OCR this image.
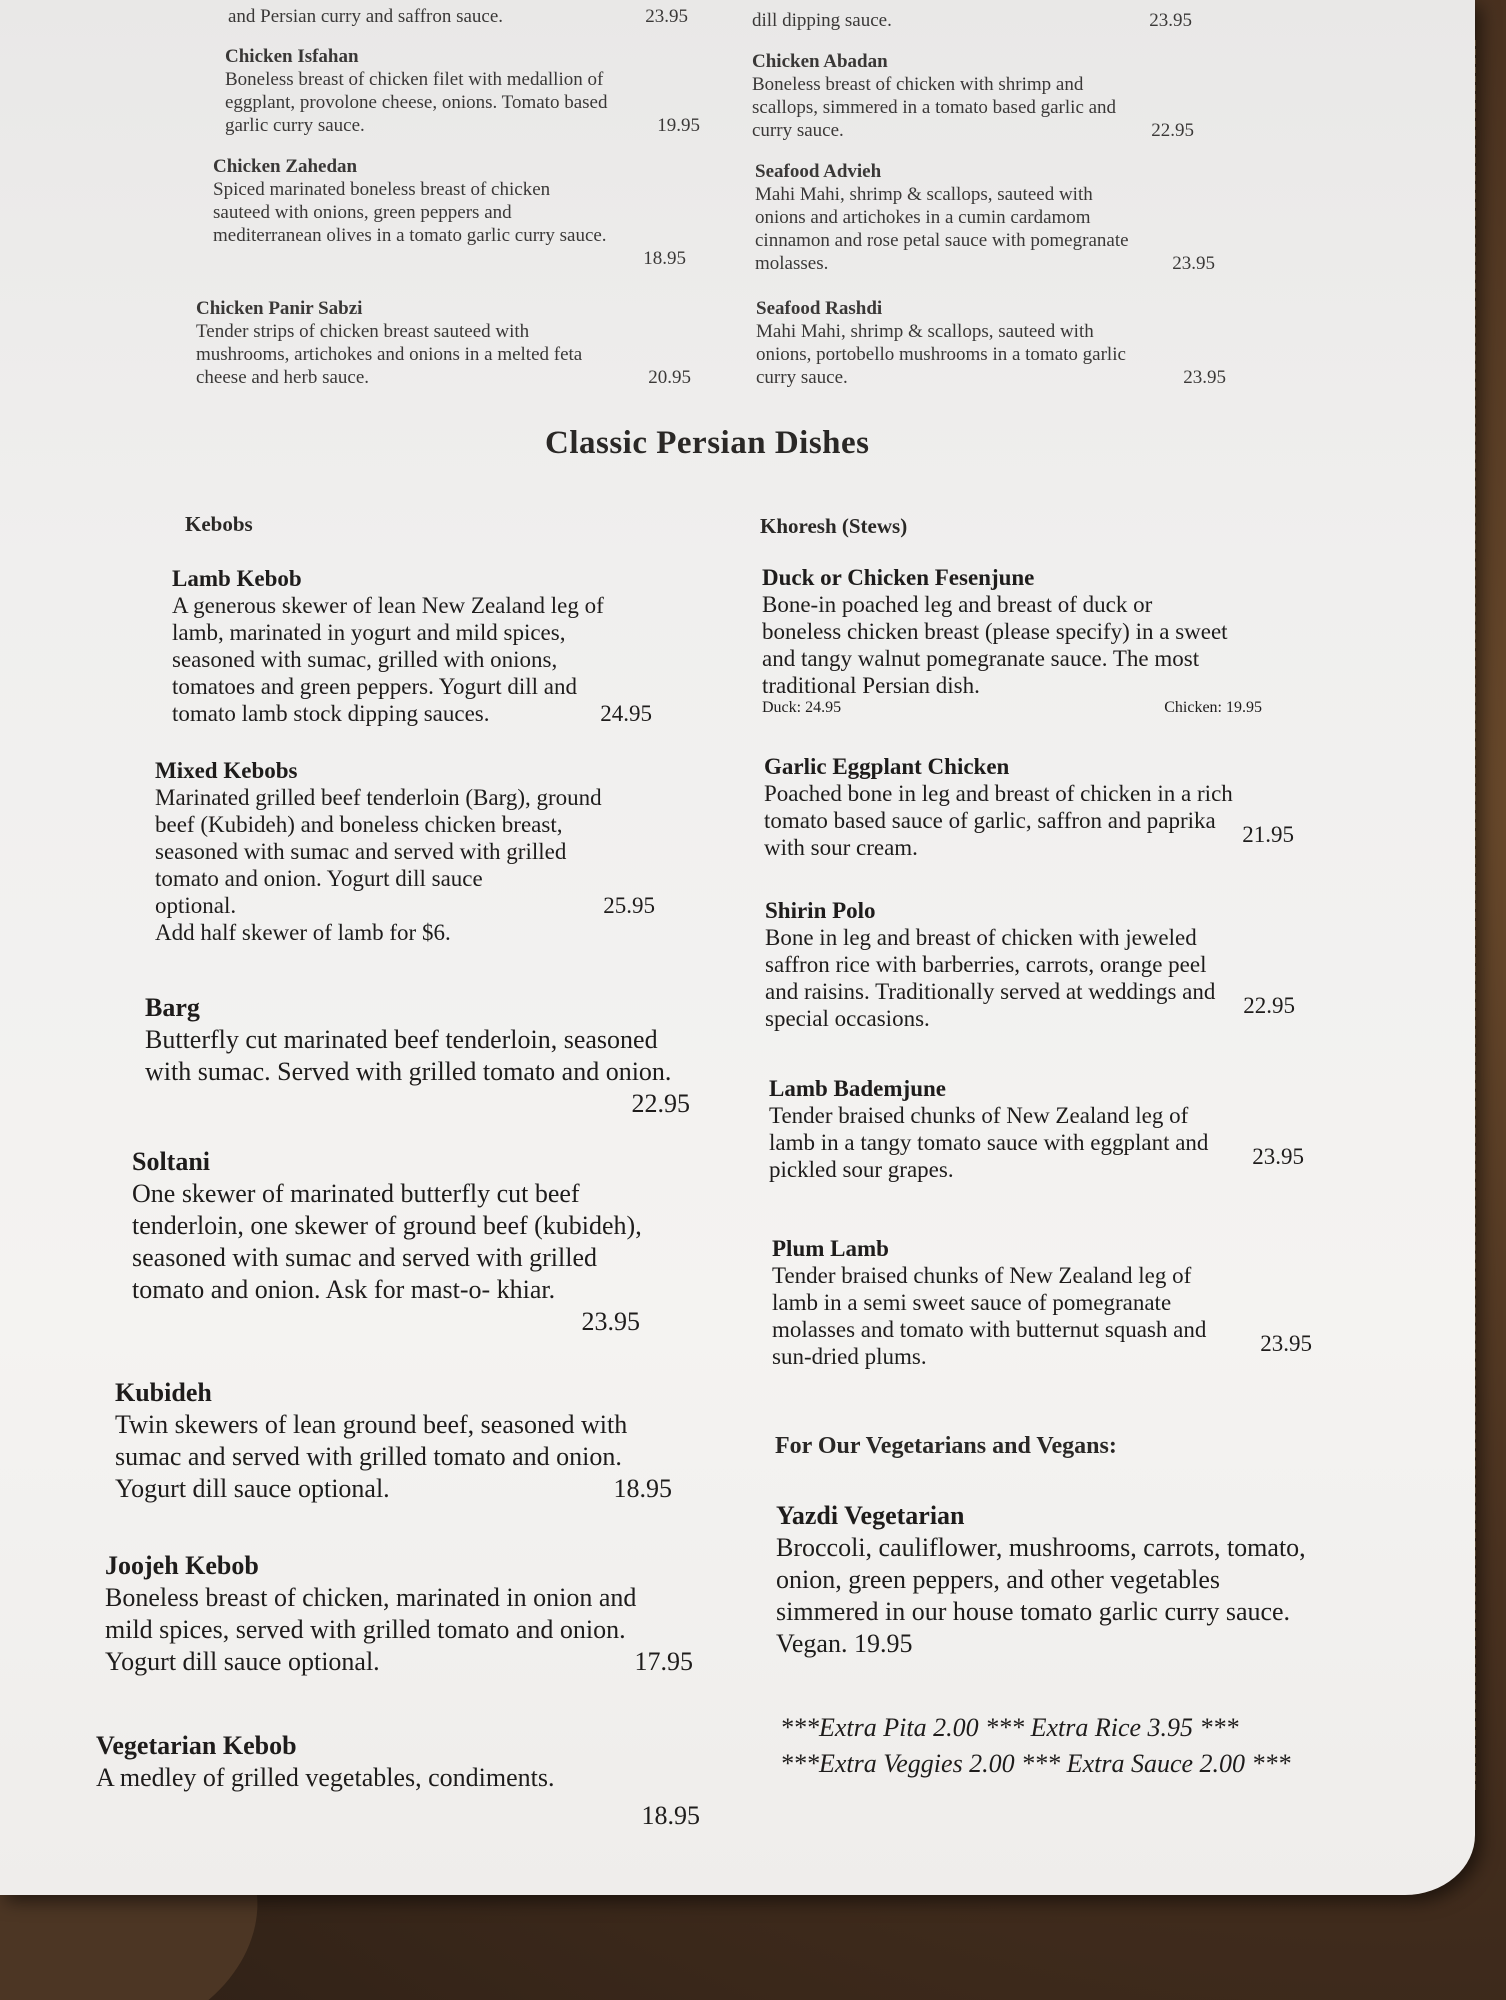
and Persian curry and saffron sauce.	23.95	dill dipping sauce.	23.95
Chicken Isfahan
Boneless breast of chicken filet with medallion of
eggplant, provolone cheese, onions. Tomato based
garlic curry sauce.	19.95
Chicken Abadan
Boneless breast of chicken with shrimp and
scallops, simmered in a tomato based garlic and
curry sauce.	22.95
Chicken Zahedan
Spiced marinated boneless breast of chicken
sauteed with onions, green peppers and
mediterranean olives in a tomato garlic curry sauce.
18.95
Seafood Advieh
Mahi Mahi, shrimp & scallops, sauteed with
onions and artichokes in a cumin cardamom
cinnamon and rose petal sauce with pomegranate
molasses.	23.95
Chicken Panir Sabzi
Tender strips of chicken breast sauteed with
mushrooms, artichokes and onions in a melted feta
cheese and herb sauce.	20.95
Seafood Rashdi
Mahi Mahi, shrimp & scallops, sauteed with
onions, portobello mushrooms in a tomato garlic
curry sauce.	23.95
Classic Persian Dishes
Kebobs	Khoresh (Stews)
Lamb Kebob
A generous skewer of lean New Zealand leg of
lamb, marinated in yogurt and mild spices,
seasoned with sumac, grilled with onions,
tomatoes and green peppers. Yogurt dill and
tomato lamb stock dipping sauces.	24.95
Mixed Kebobs
Marinated grilled beef tenderloin (Barg), ground
beef (Kubideh) and boneless chicken breast,
seasoned with sumac and served with grilled
tomato and onion. Yogurt dill sauce
optional.	25.95
Add half skewer of lamb for $6.
Barg
Butterfly cut marinated beef tenderloin, seasoned
with sumac. Served with grilled tomato and onion.
22.95
Soltani
One skewer of marinated butterfly cut beef
tenderloin, one skewer of ground beef (kubideh),
seasoned with sumac and served with grilled
tomato and onion. Ask for mast-o- khiar.
23.95
Kubideh
Twin skewers of lean ground beef, seasoned with
sumac and served with grilled tomato and onion.
Yogurt dill sauce optional.	18.95
Joojeh Kebob
Boneless breast of chicken, marinated in onion and
mild spices, served with grilled tomato and onion.
Yogurt dill sauce optional.	17.95
Vegetarian Kebob
A medley of grilled vegetables, condiments.
18.95
Duck or Chicken Fesenjune
Bone-in poached leg and breast of duck or
boneless chicken breast (please specify) in a sweet
and tangy walnut pomegranate sauce. The most
traditional Persian dish.
Duck: 24.95	Chicken: 19.95
Garlic Eggplant Chicken
Poached bone in leg and breast of chicken in a rich
tomato based sauce of garlic, saffron and paprika
with sour cream.
21.95
Shirin Polo
Bone in leg and breast of chicken with jeweled
saffron rice with barberries, carrots, orange peel
and raisins. Traditionally served at weddings and
special occasions.
22.95
Lamb Bademjune
Tender braised chunks of New Zealand leg of
lamb in a tangy tomato sauce with eggplant and
pickled sour grapes.
23.95
Plum Lamb
Tender braised chunks of New Zealand leg of
lamb in a semi sweet sauce of pomegranate
molasses and tomato with butternut squash and
sun-dried plums.
23.95
For Our Vegetarians and Vegans:
Yazdi Vegetarian
Broccoli, cauliflower, mushrooms, carrots, tomato,
onion, green peppers, and other vegetables
simmered in our house tomato garlic curry sauce.
Vegan. 19.95
***Extra Pita 2.00 *** Extra Rice 3.95 ***
***Extra Veggies 2.00 *** Extra Sauce 2.00 ***
